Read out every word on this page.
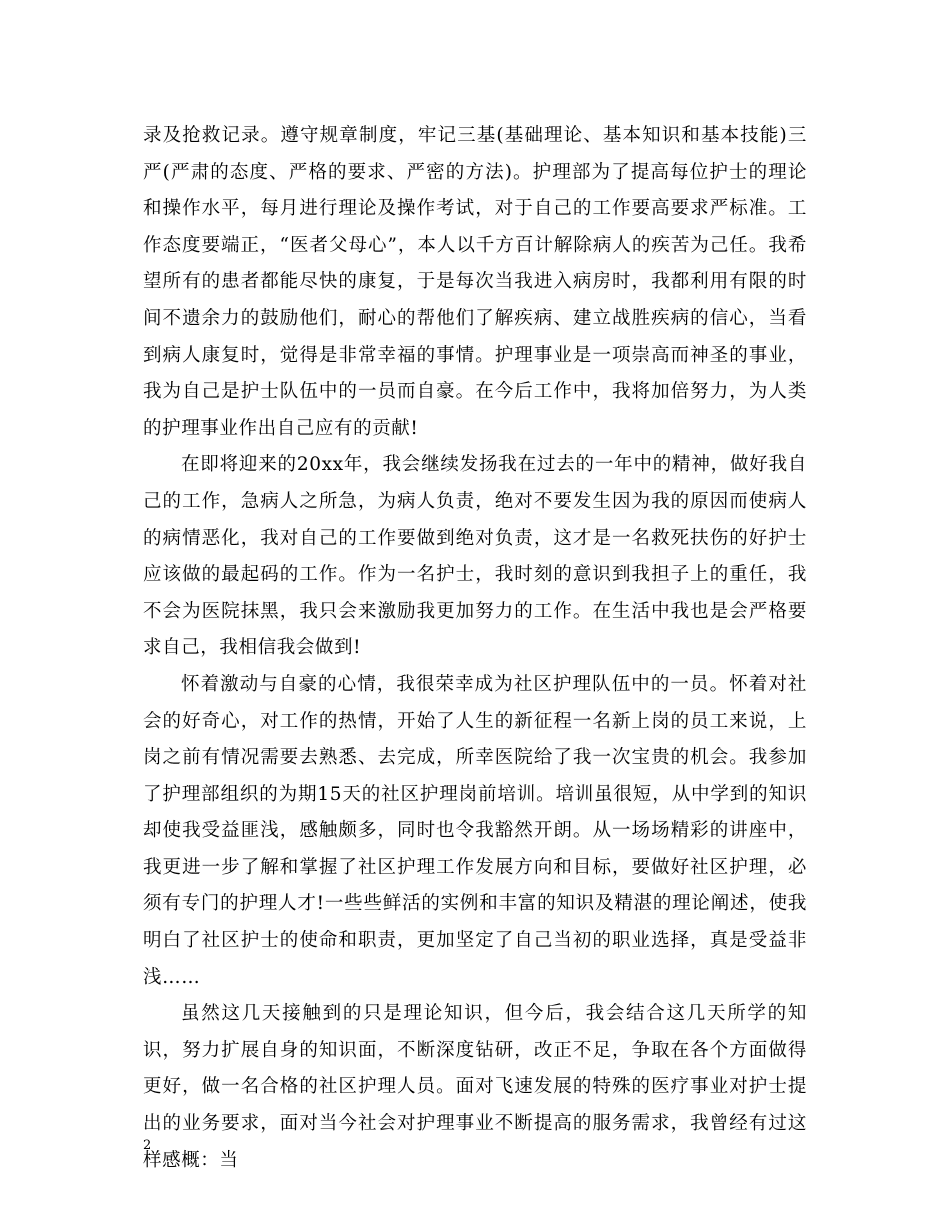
录及抢救记录。遵守规章制度，牢记三基(基础理论、基本知识和基本技能)三严(严肃的态度、严格的要求、严密的方法)。护理部为了提高每位护士的理论和操作水平，每月进行理论及操作考试，对于自己的工作要高要求严标准。工作态度要端正，“医者父母心”，本人以千方百计解除病人的疾苦为己任。我希望所有的患者都能尽快的康复，于是每次当我进入病房时，我都利用有限的时间不遗余力的鼓励他们，耐心的帮他们了解疾病、建立战胜疾病的信心，当看到病人康复时，觉得是非常幸福的事情。护理事业是一项崇高而神圣的事业，我为自己是护士队伍中的一员而自豪。在今后工作中，我将加倍努力，为人类的护理事业作出自己应有的贡献!

在即将迎来的20xx年，我会继续发扬我在过去的一年中的精神，做好我自己的工作，急病人之所急，为病人负责，绝对不要发生因为我的原因而使病人的病情恶化，我对自己的工作要做到绝对负责，这才是一名救死扶伤的好护士应该做的最起码的工作。作为一名护士，我时刻的意识到我担子上的重任，我不会为医院抹黑，我只会来激励我更加努力的工作。在生活中我也是会严格要求自己，我相信我会做到!

怀着激动与自豪的心情，我很荣幸成为社区护理队伍中的一员。怀着对社会的好奇心，对工作的热情，开始了人生的新征程一名新上岗的员工来说，上岗之前有情况需要去熟悉、去完成，所幸医院给了我一次宝贵的机会。我参加了护理部组织的为期15天的社区护理岗前培训。培训虽很短，从中学到的知识却使我受益匪浅，感触颇多，同时也令我豁然开朗。从一场场精彩的讲座中，我更进一步了解和掌握了社区护理工作发展方向和目标，要做好社区护理，必须有专门的护理人才!一些些鲜活的实例和丰富的知识及精湛的理论阐述，使我明白了社区护士的使命和职责，更加坚定了自己当初的职业选择，真是受益非浅……

虽然这几天接触到的只是理论知识，但今后，我会结合这几天所学的知识，努力扩展自身的知识面，不断深度钻研，改正不足，争取在各个方面做得更好，做一名合格的社区护理人员。面对飞速发展的特殊的医疗事业对护士提出的业务要求，面对当今社会对护理事业不断提高的服务需求，我曾经有过这样感概：当

2
